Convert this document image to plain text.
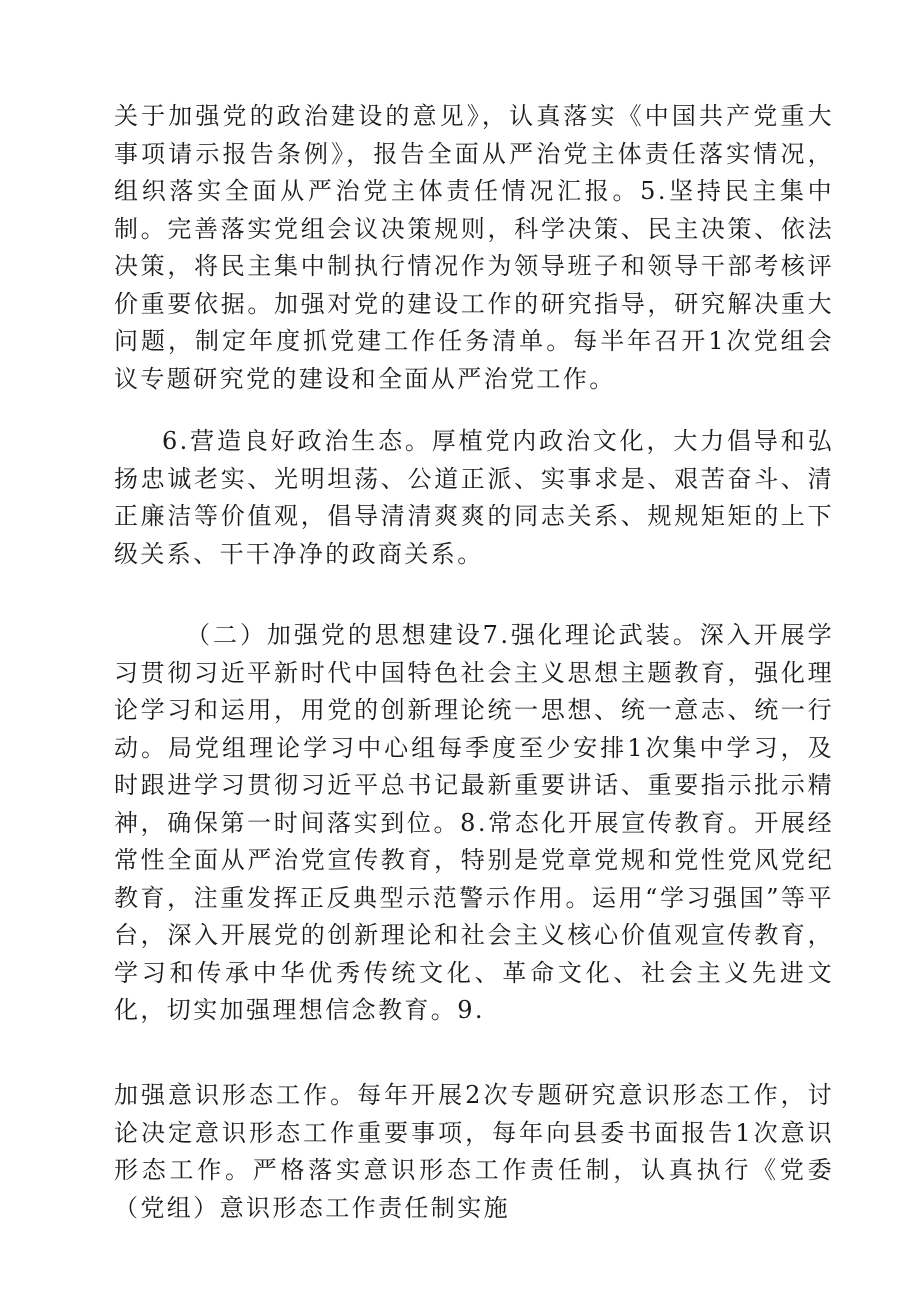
关于加强党的政治建设的意见》，认真落实《中国共产党重大事项请示报告条例》，报告全面从严治党主体责任落实情况，组织落实全面从严治党主体责任情况汇报。5.坚持民主集中制。完善落实党组会议决策规则，科学决策、民主决策、依法决策，将民主集中制执行情况作为领导班子和领导干部考核评价重要依据。加强对党的建设工作的研究指导，研究解决重大问题，制定年度抓党建工作任务清单。每半年召开1次党组会议专题研究党的建设和全面从严治党工作。

6.营造良好政治生态。厚植党内政治文化，大力倡导和弘扬忠诚老实、光明坦荡、公道正派、实事求是、艰苦奋斗、清正廉洁等价值观，倡导清清爽爽的同志关系、规规矩矩的上下级关系、干干净净的政商关系。

（二）加强党的思想建设7.强化理论武装。深入开展学习贯彻习近平新时代中国特色社会主义思想主题教育，强化理论学习和运用，用党的创新理论统一思想、统一意志、统一行动。局党组理论学习中心组每季度至少安排1次集中学习，及时跟进学习贯彻习近平总书记最新重要讲话、重要指示批示精神，确保第一时间落实到位。8.常态化开展宣传教育。开展经常性全面从严治党宣传教育，特别是党章党规和党性党风党纪教育，注重发挥正反典型示范警示作用。运用“学习强国”等平台，深入开展党的创新理论和社会主义核心价值观宣传教育，学习和传承中华优秀传统文化、革命文化、社会主义先进文化，切实加强理想信念教育。9.

加强意识形态工作。每年开展2次专题研究意识形态工作，讨论决定意识形态工作重要事项，每年向县委书面报告1次意识形态工作。严格落实意识形态工作责任制，认真执行《党委（党组）意识形态工作责任制实施
